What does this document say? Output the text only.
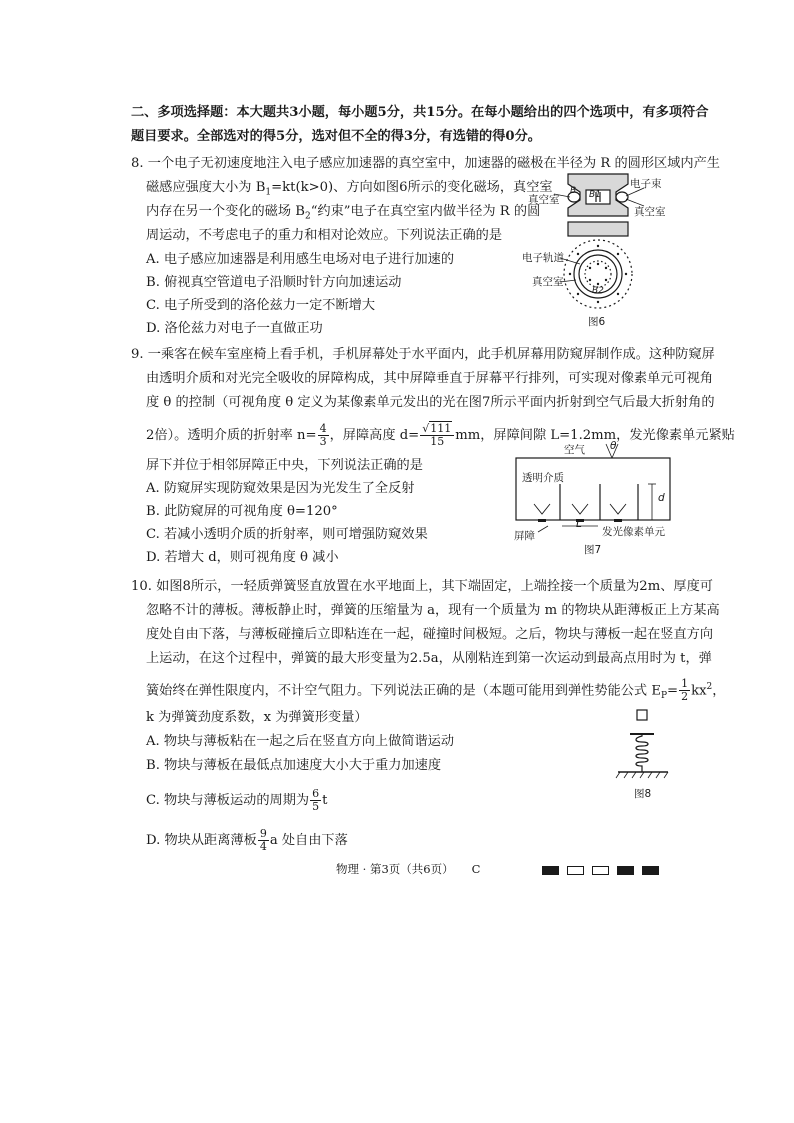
二、多项选择题：本大题共3小题，每小题5分，共15分。在每小题给出的四个选项中，有多项符合
题目要求。全部选对的得5分，选对但不全的得3分，有选错的得0分。
8. 一个电子无初速度地注入电子感应加速器的真空室中，加速器的磁极在半径为 R 的圆形区域内产生
磁感应强度大小为 $B_1=kt(k>0)$、方向如图6所示的变化磁场，真空室
内存在另一个变化的磁场 $B_2“$约束”电子在真空室内做半径为 R 的圆
周运动，不考虑电子的重力和相对论效应。下列说法正确的是
A. 电子感应加速器是利用感生电场对电子进行加速的
B. 俯视真空管道电子沿顺时针方向加速运动
C. 电子所受到的洛伦兹力一定不断增大
D. 洛伦兹力对电子一直做正功
真空室
电子束
真空室
电子轨道
真空室
B B1
B2
图6
9. 一乘客在候车室座椅上看手机，手机屏幕处于水平面内，此手机屏幕用防窥屏制作成。这种防窥屏
由透明介质和对光完全吸收的屏障构成，其中屏障垂直于屏幕平行排列，可实现对像素单元可视角
度 θ 的控制（可视角度 θ 定义为某像素单元发出的光在图7所示平面内折射到空气后最大折射角的
2倍）。透明介质的折射率 $n= \frac{4}{3}$ ，屏障高度 $d= \frac{√111}{15}$ mm，屏障间隙 L=1.2mm，发光像素单元紧贴
屏下并位于相邻屏障正中央，下列说法正确的是
A. 防窥屏实现防窥效果是因为光发生了全反射
B. 此防窥屏的可视角度 θ=120°
C. 若减小透明介质的折射率，则可增强防窥效果
D. 若增大 d，则可视角度 θ 减小
空气 θ
透明介质
d
屏障
L
发光像素单元
图7
10. 如图8所示，一轻质弹簧竖直放置在水平地面上，其下端固定，上端拴接一个质量为2m、厚度可
忽略不计的薄板。薄板静止时，弹簧的压缩量为 a，现有一个质量为 m 的物块从距薄板正上方某高
度处自由下落，与薄板碰撞后立即粘连在一起，碰撞时间极短。之后，物块与薄板一起在竖直方向
上运动，在这个过程中，弹簧的最大形变量为2.5a，从刚粘连到第一次运动到最高点用时为 t，弹
簧始终在弹性限度内，不计空气阻力。下列说法正确的是（本题可能用到弹性势能公式 $E_P= \frac{1}{2} kx^2$，
k 为弹簧劲度系数，x 为弹簧形变量）
A. 物块与薄板粘在一起之后在竖直方向上做简谐运动
B. 物块与薄板在最低点加速度大小大于重力加速度
C. 物块与薄板运动的周期为 $\frac{6}{5}$ t
D. 物块从距离薄板 $\frac{9}{4}$ a 处自由下落
图8
物理 · 第3页（共6页） C
